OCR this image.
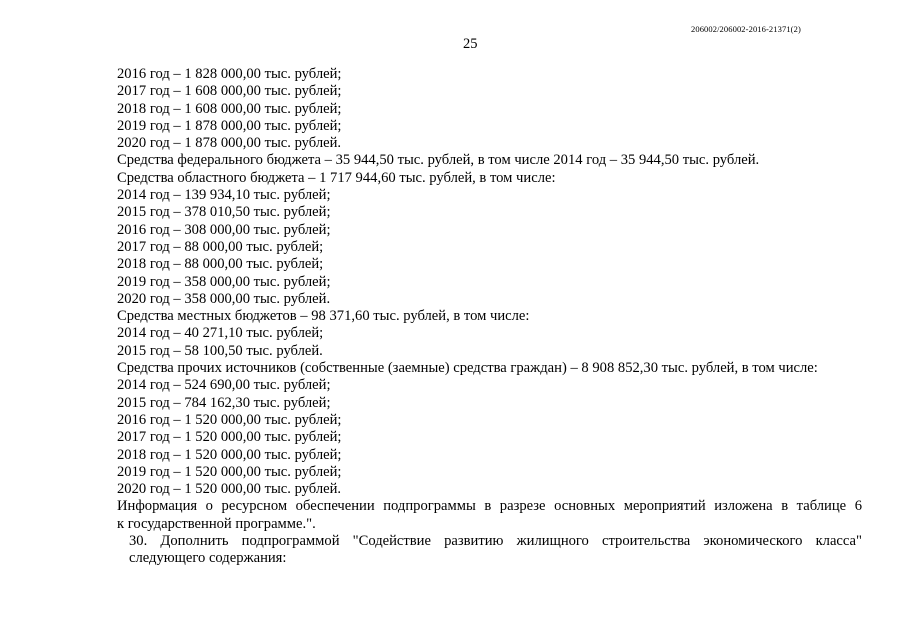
206002/206002-2016-21371(2)
25
2016 год – 1 828 000,00 тыс. рублей;
2017 год – 1 608 000,00 тыс. рублей;
2018 год – 1 608 000,00 тыс. рублей;
2019 год – 1 878 000,00 тыс. рублей;
2020 год – 1 878 000,00 тыс. рублей.
Средства федерального бюджета – 35 944,50 тыс. рублей, в том числе 2014 год – 35 944,50 тыс. рублей.
Средства областного бюджета – 1 717 944,60 тыс. рублей, в том числе:
2014 год – 139 934,10 тыс. рублей;
2015 год – 378 010,50 тыс. рублей;
2016 год – 308 000,00 тыс. рублей;
2017 год – 88 000,00 тыс. рублей;
2018 год – 88 000,00 тыс. рублей;
2019 год – 358 000,00 тыс. рублей;
2020 год – 358 000,00 тыс. рублей.
Средства местных бюджетов – 98 371,60 тыс. рублей, в том числе:
2014 год – 40 271,10 тыс. рублей;
2015 год – 58 100,50 тыс. рублей.
Средства прочих источников (собственные (заемные) средства граждан) – 8 908 852,30 тыс. рублей, в том числе:
2014 год – 524 690,00 тыс. рублей;
2015 год – 784 162,30 тыс. рублей;
2016 год – 1 520 000,00 тыс. рублей;
2017 год – 1 520 000,00 тыс. рублей;
2018 год – 1 520 000,00 тыс. рублей;
2019 год – 1 520 000,00 тыс. рублей;
2020 год – 1 520 000,00 тыс. рублей.
Информация о ресурсном обеспечении подпрограммы в разрезе основных мероприятий изложена в таблице 6
к государственной программе.".
30. Дополнить подпрограммой "Содействие развитию жилищного строительства экономического класса"
следующего содержания:
